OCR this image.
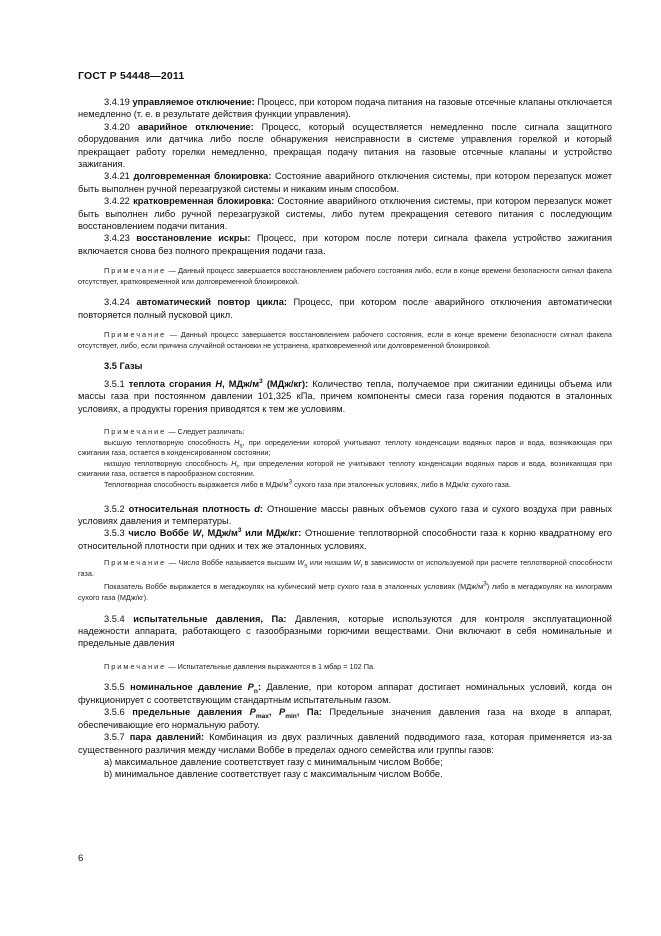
ГОСТ Р 54448—2011

3.4.19 управляемое отключение: Процесс, при котором подача питания на газовые отсечные клапаны отключается немедленно (т. е. в результате действия функции управления).

3.4.20 аварийное отключение: Процесс, который осуществляется немедленно после сигнала защитного оборудования или датчика либо после обнаружения неисправности в системе управления горелкой и который прекращает работу горелки немедленно, прекращая подачу питания на газовые отсечные клапаны и устройство зажигания.

3.4.21 долговременная блокировка: Состояние аварийного отключения системы, при котором перезапуск может быть выполнен ручной перезагрузкой системы и никаким иным способом.

3.4.22 кратковременная блокировка: Состояние аварийного отключения системы, при котором перезапуск может быть выполнен либо ручной перезагрузкой системы, либо путем прекращения сетевого питания с последующим восстановлением подачи питания.

3.4.23 восстановление искры: Процесс, при котором после потери сигнала факела устройство зажигания включается снова без полного прекращения подачи газа.

Примечание — Данный процесс завершается восстановлением рабочего состояния либо, если в конце времени безопасности сигнал факела отсутствует, кратковременной или долговременной блокировкой.

3.4.24 автоматический повтор цикла: Процесс, при котором после аварийного отключения автоматически повторяется полный пусковой цикл.

Примечание — Данный процесс завершается восстановлением рабочего состояния, если в конце времени безопасности сигнал факела отсутствует, либо, если причина случайной остановки не устранена, кратковременной или долговременной блокировкой.

3.5 Газы

3.5.1 теплота сгорания H, МДж/$м^3$ (МДж/кг): Количество тепла, получаемое при сжигании единицы объема или массы газа при постоянном давлении 101,325 кПа, причем компоненты смеси газа горения подаются в эталонных условиях, а продукты горения приводятся к тем же условиям.

Примечание — Следует различать:

высшую теплотворную способность $H_s$, при определении которой учитывают теплоту конденсации водяных паров и вода, возникающая при сжигании газа, остается в конденсированном состоянии;

низшую теплотворную способность $H_i$, при определении которой не учитывают теплоту конденсации водяных паров и вода, возникающая при сжигании газа, остается в парообразном состоянии.

Теплотворная способность выражается либо в МДж/$м^3$ сухого газа при эталонных условиях, либо в МДж/кг сухого газа.

3.5.2 относительная плотность d: Отношение массы равных объемов сухого газа и сухого воздуха при равных условиях давления и температуры.

3.5.3 число Воббе W, МДж/$м^3$ или МДж/кг: Отношение теплотворной способности газа к корню квадратному его относительной плотности при одних и тех же эталонных условиях.

Примечание — Число Воббе называется высшим $W_s$ или низшим $W_i$ в зависимости от используемой при расчете теплотворной способности газа.

Показатель Воббе выражается в мегаджоулях на кубический метр сухого газа в эталонных условиях $(МДж/м^3)$ либо в мегаджоулях на килограмм сухого газа (МДж/кг).

3.5.4 испытательные давления, Па: Давления, которые используются для контроля эксплуатационной надежности аппарата, работающего с газообразными горючими веществами. Они включают в себя номинальные и предельные давления

Примечание — Испытательные давления выражаются в 1 мбар = 102 Па.

3.5.5 номинальное давление $P_n$: Давление, при котором аппарат достигает номинальных условий, когда он функционирует с соответствующим стандартным испытательным газом.

3.5.6 предельные давления $P_{max}$, $P_{min}$, Па: Предельные значения давления газа на входе в аппарат, обеспечивающие его нормальную работу.

3.5.7 пара давлений: Комбинация из двух различных давлений подводимого газа, которая применяется из-за существенного различия между числами Воббе в пределах одного семейства или группы газов:

a) максимальное давление соответствует газу с минимальным числом Воббе;

b) минимальное давление соответствует газу с максимальным числом Воббе.

6
